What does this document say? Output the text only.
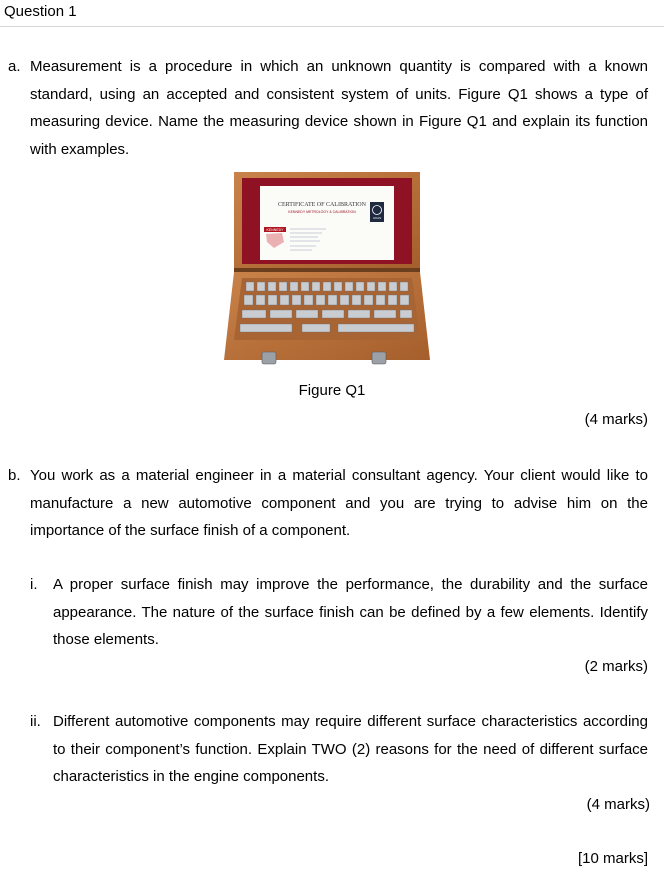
Question 1
a. Measurement is a procedure in which an unknown quantity is compared with a known standard, using an accepted and consistent system of units. Figure Q1 shows a type of measuring device. Name the measuring device shown in Figure Q1 and explain its function with examples.
CERTIFICATE OF CALIBRATION
KENNEDY METROLOGY & CALIBRATION
KENNEDY
UKAS
Figure Q1
(4 marks)
b. You work as a material engineer in a material consultant agency. Your client would like to manufacture a new automotive component and you are trying to advise him on the importance of the surface finish of a component.
i. A proper surface finish may improve the performance, the durability and the surface appearance. The nature of the surface finish can be defined by a few elements. Identify those elements.
(2 marks)
ii. Different automotive components may require different surface characteristics according to their component’s function. Explain TWO (2) reasons for the need of different surface characteristics in the engine components.
(4 marks)
[10 marks]
